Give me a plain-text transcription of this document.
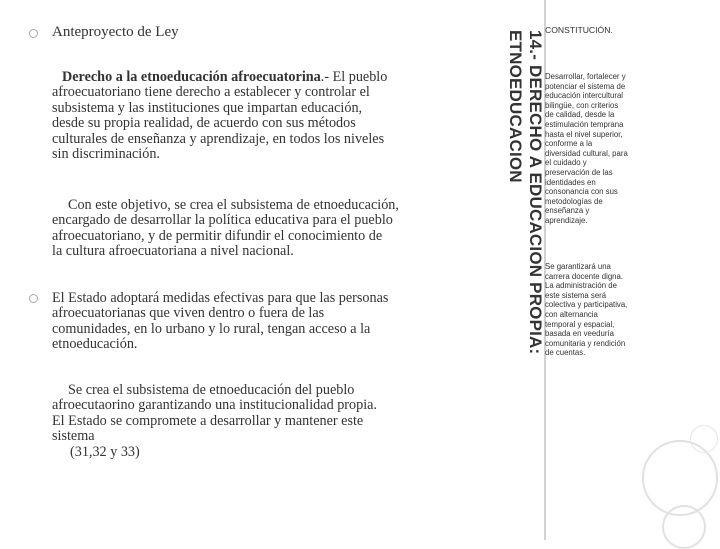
Anteproyecto de Ley
Derecho a la etnoeducación afroecuatorina.- El pueblo
afroecuatoriano tiene derecho a establecer y controlar el
subsistema y las instituciones que impartan educación,
desde su propia realidad, de acuerdo con sus métodos
culturales de enseñanza y aprendizaje, en todos los niveles
sin discriminación.
Con este objetivo, se crea el subsistema de etnoeducación,
encargado de desarrollar la política educativa para el pueblo
afroecuatoriano, y de permitir difundir el conocimiento de
la cultura afroecuatoriana a nivel nacional.
El Estado adoptará medidas efectivas para que las personas
afroecuatorianas que viven dentro o fuera de las
comunidades, en lo urbano y lo rural, tengan acceso a la
etnoeducación.
Se crea el subsistema de etnoeducación del pueblo
afroecutaorino garantizando una institucionalidad propia.
El Estado se compromete a desarrollar y mantener este
sistema
(31,32 y 33)
14.- DERECHO A EDUCACION PROPIA:
ETNOEDUCACION	CONSTITUCIÓN.
Desarrollar, fortalecer y
potenciar el sistema de
educación intercultural
bilingüe, con criterios
de calidad, desde la
estimulación temprana
hasta el nivel superior,
conforme a la
diversidad cultural, para
el cuidado y
preservación de las
identidades en
consonancia con sus
metodologías de
enseñanza y
aprendizaje.
Se garantizará una
carrera docente digna.
La administración de
este sistema será
colectiva y participativa,
con alternancia
temporal y espacial,
basada en veeduría
comunitaria y rendición
de cuentas.
